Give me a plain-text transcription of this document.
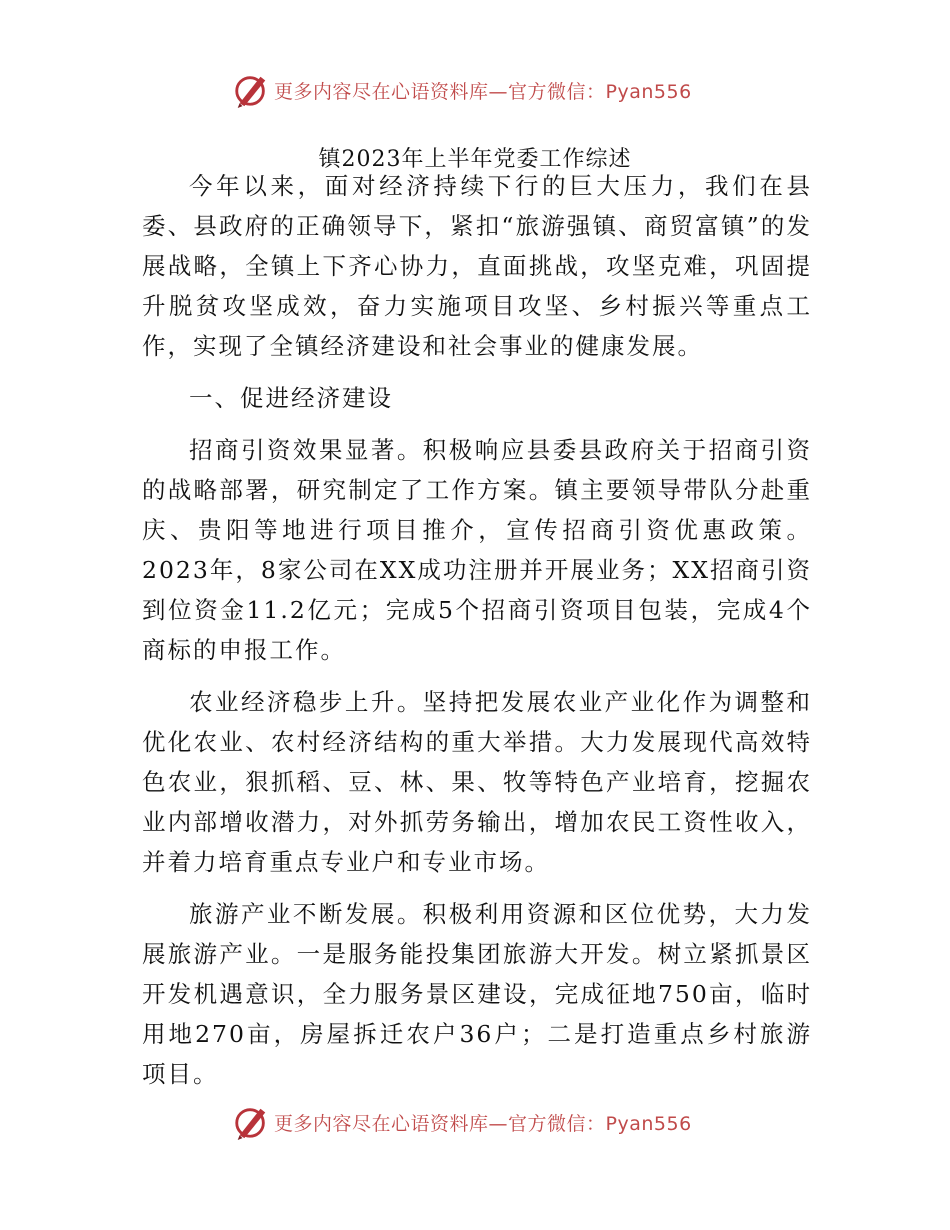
更多内容尽在心语资料库—官方微信：Pyan556
镇2023年上半年党委工作综述

今年以来，面对经济持续下行的巨大压力，我们在县委、县政府的正确领导下，紧扣“旅游强镇、商贸富镇”的发展战略，全镇上下齐心协力，直面挑战，攻坚克难，巩固提升脱贫攻坚成效，奋力实施项目攻坚、乡村振兴等重点工作，实现了全镇经济建设和社会事业的健康发展。

一、促进经济建设

招商引资效果显著。积极响应县委县政府关于招商引资的战略部署，研究制定了工作方案。镇主要领导带队分赴重庆、贵阳等地进行项目推介，宣传招商引资优惠政策。2023年，8家公司在XX成功注册并开展业务；XX招商引资到位资金11.2亿元；完成5个招商引资项目包装，完成4个商标的申报工作。

农业经济稳步上升。坚持把发展农业产业化作为调整和优化农业、农村经济结构的重大举措。大力发展现代高效特色农业，狠抓稻、豆、林、果、牧等特色产业培育，挖掘农业内部增收潜力，对外抓劳务输出，增加农民工资性收入，并着力培育重点专业户和专业市场。

旅游产业不断发展。积极利用资源和区位优势，大力发展旅游产业。一是服务能投集团旅游大开发。树立紧抓景区开发机遇意识，全力服务景区建设，完成征地750亩，临时用地270亩，房屋拆迁农户36户；二是打造重点乡村旅游项目。

更多内容尽在心语资料库—官方微信：Pyan556
